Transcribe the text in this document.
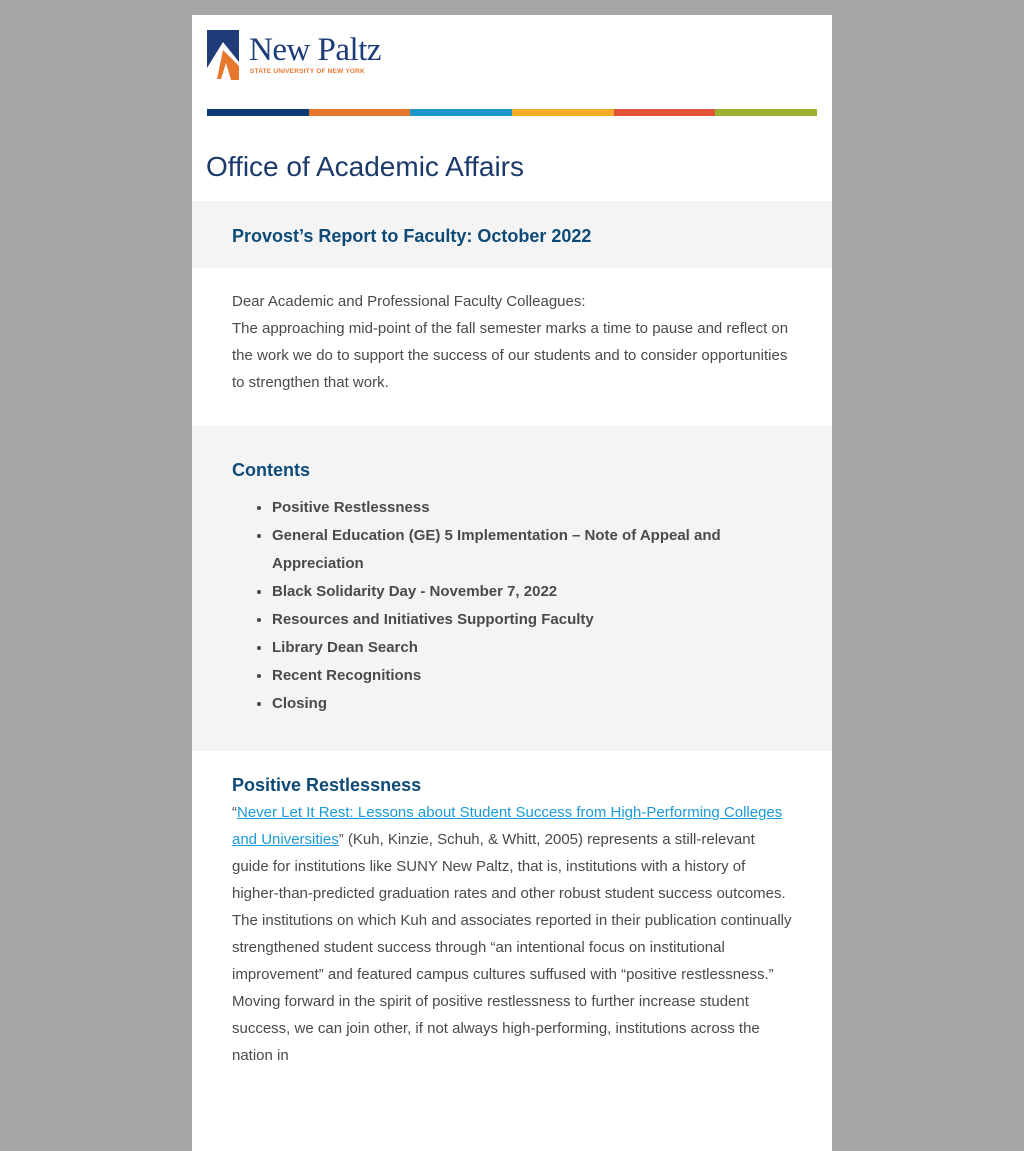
New Paltz
STATE UNIVERSITY OF NEW YORK
Office of Academic Affairs
Provost’s Report to Faculty: October 2022

Dear Academic and Professional Faculty Colleagues:

The approaching mid-point of the fall semester marks a time to pause and reflect on the work we do to support the success of our students and to consider opportunities to strengthen that work.

Contents
• Positive Restlessness
• General Education (GE) 5 Implementation – Note of Appeal and Appreciation
• Black Solidarity Day - November 7, 2022
• Resources and Initiatives Supporting Faculty
• Library Dean Search
• Recent Recognitions
• Closing
Positive Restlessness

“Never Let It Rest: Lessons about Student Success from High-Performing Colleges and Universities” (Kuh, Kinzie, Schuh, & Whitt, 2005) represents a still-relevant guide for institutions like SUNY New Paltz, that is, institutions with a history of higher-than-predicted graduation rates and other robust student success outcomes. The institutions on which Kuh and associates reported in their publication continually strengthened student success through “an intentional focus on institutional improvement” and featured campus cultures suffused with “positive restlessness.” Moving forward in the spirit of positive restlessness to further increase student success, we can join other, if not always high-performing, institutions across the nation in
